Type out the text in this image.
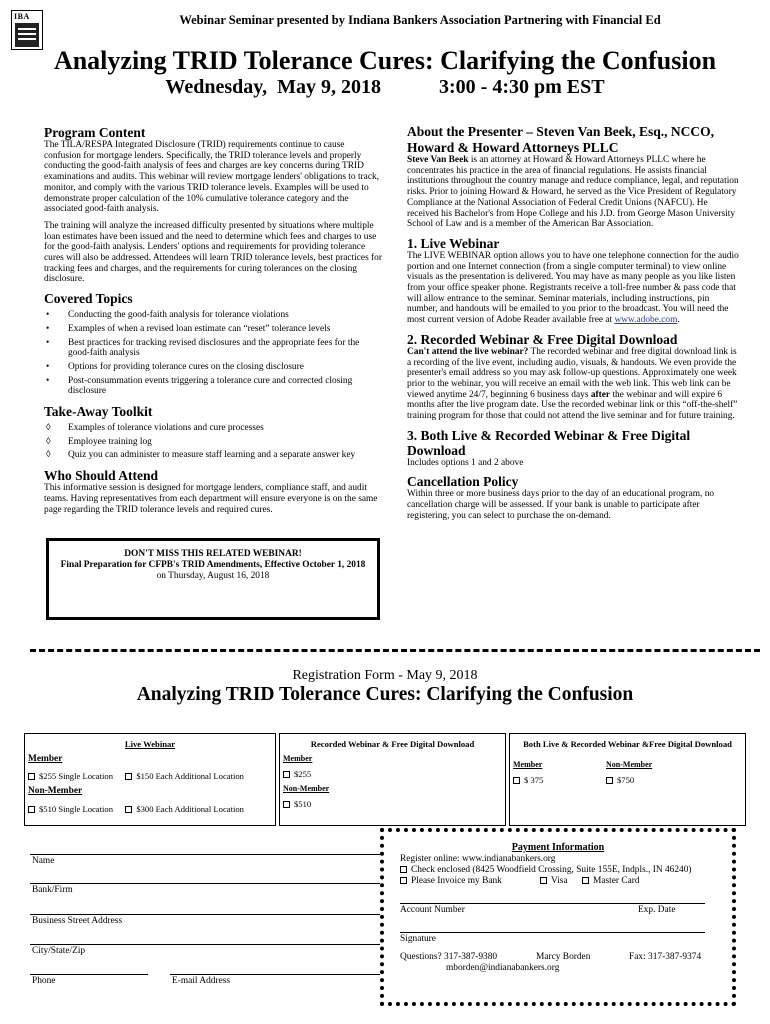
IBA	Webinar Seminar presented by Indiana Bankers Association Partnering with Financial Ed
Analyzing TRID Tolerance Cures: Clarifying the Confusion
Wednesday,  May 9, 2018	3:00 - 4:30 pm EST
Program Content

The TILA/RESPA Integrated Disclosure (TRID) requirements continue to cause confusion for mortgage lenders. Specifically, the TRID tolerance levels and properly conducting the good-faith analysis of fees and charges are key concerns during TRID examinations and audits. This webinar will review mortgage lenders' obligations to track, monitor, and comply with the various TRID tolerance levels. Examples will be used to demonstrate proper calculation of the 10% cumulative tolerance category and the associated good-faith analysis.

The training will analyze the increased difficulty presented by situations where multiple loan estimates have been issued and the need to determine which fees and charges to use for the good-faith analysis. Lenders' options and requirements for providing tolerance cures will also be addressed. Attendees will learn TRID tolerance levels, best practices for tracking fees and charges, and the requirements for curing tolerances on the closing disclosure.

Covered Topics
• Conducting the good-faith analysis for tolerance violations
• Examples of when a revised loan estimate can “reset” tolerance levels
• Best practices for tracking revised disclosures and the appropriate fees for the good-faith analysis
• Options for providing tolerance cures on the closing disclosure
• Post-consummation events triggering a tolerance cure and corrected closing disclosure
Take-Away Toolkit
◊ Examples of tolerance violations and cure processes
◊ Employee training log
◊ Quiz you can administer to measure staff learning and a separate answer key
Who Should Attend

This informative session is designed for mortgage lenders, compliance staff, and audit teams. Having representatives from each department will ensure everyone is on the same page regarding the TRID tolerance levels and required cures.

DON'T MISS THIS RELATED WEBINAR!
Final Preparation for CFPB's TRID Amendments, Effective October 1, 2018
on Thursday, August 16, 2018
About the Presenter – Steven Van Beek, Esq., NCCO, Howard & Howard Attorneys PLLC

Steve Van Beek is an attorney at Howard & Howard Attorneys PLLC where he concentrates his practice in the area of financial regulations. He assists financial institutions throughout the country manage and reduce compliance, legal, and reputation risks. Prior to joining Howard & Howard, he served as the Vice President of Regulatory Compliance at the National Association of Federal Credit Unions (NAFCU). He received his Bachelor's from Hope College and his J.D. from George Mason University School of Law and is a member of the American Bar Association.

1. Live Webinar

The LIVE WEBINAR option allows you to have one telephone connection for the audio portion and one Internet connection (from a single computer terminal) to view online visuals as the presentation is delivered. You may have as many people as you like listen from your office speaker phone. Registrants receive a toll-free number & pass code that will allow entrance to the seminar. Seminar materials, including instructions, pin number, and handouts will be emailed to you prior to the broadcast. You will need the most current version of Adobe Reader available free at www.adobe.com.

2. Recorded Webinar & Free Digital Download

Can't attend the live webinar? The recorded webinar and free digital download link is a recording of the live event, including audio, visuals, & handouts. We even provide the presenter's email address so you may ask follow-up questions. Approximately one week prior to the webinar, you will receive an email with the web link. This web link can be viewed anytime 24/7, beginning 6 business days after the webinar and will expire 6 months after the live program date. Use the recorded webinar link or this “off-the-shelf” training program for those that could not attend the live seminar and for future training.

3. Both Live & Recorded Webinar & Free Digital Download

Includes options 1 and 2 above

Cancellation Policy

Within three or more business days prior to the day of an educational program, no cancellation charge will be assessed. If your bank is unable to participate after registering, you can select to purchase the on-demand.

Registration Form - May 9, 2018
Analyzing TRID Tolerance Cures: Clarifying the Confusion
Live Webinar
Member
$255 Single Location	$150 Each Additional Location
Non-Member
$510 Single Location	$300 Each Additional Location
Recorded Webinar & Free Digital Download
Member
$255
Non-Member
$510
Both Live & Recorded Webinar &Free Digital Download
Member	Non-Member
$ 375	$750
Name
Bank/Firm
Business Street Address
City/State/Zip
Phone	E-mail Address
Payment Information
Register online: www.indianabankers.org
Check enclosed (8425 Woodfield Crossing, Suite 155E, Indpls., IN 46240)
Please Invoice my Bank	Visa	Master Card
Account Number	Exp. Date
Signature
Questions? 317-387-9380	Marcy Borden	Fax: 317-387-9374
mborden@indianabankers.org
